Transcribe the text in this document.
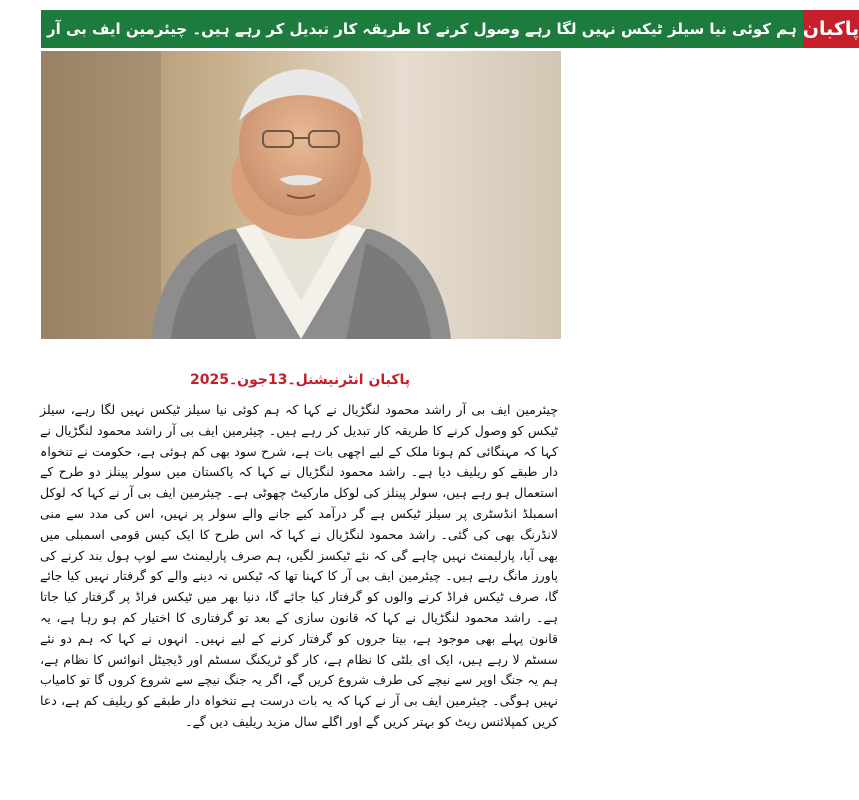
ہم کوئی نیا سیلز ٹیکس نہیں لگا رہے وصول کرنے کا طریقہ کار تبدیل کر رہے ہیں۔ چیئرمین ایف بی آر پاکبان
پاکبان انٹرنیشنل۔13جون۔2025

چیئرمین ایف بی آر راشد محمود لنگڑیال نے کہا کہ ہم کوئی نیا سیلز ٹیکس نہیں لگا رہے، سیلز ٹیکس کو وصول کرنے کا طریقہ کار تبدیل کر رہے ہیں۔ چیئرمین ایف بی آر راشد محمود لنگڑیال نے کہا کہ مہنگائی کم ہونا ملک کے لیے اچھی بات ہے، شرح سود بھی کم ہوئی ہے، حکومت نے تنخواہ دار طبقے کو ریلیف دیا ہے۔ راشد محمود لنگڑیال نے کہا کہ پاکستان میں سولر پینلز دو طرح کے استعمال ہو رہے ہیں، سولر پینلز کی لوکل مارکیٹ چھوٹی ہے۔ چیئرمین ایف بی آر نے کہا کہ لوکل اسمبلڈ انڈسٹری پر سیلز ٹیکس ہے گر درآمد کیے جانے والے سولر پر نہیں، اس کی مدد سے منی لانڈرنگ بھی کی گئی۔ راشد محمود لنگڑیال نے کہا کہ اس طرح کا ایک کیس قومی اسمبلی میں بھی آیا، پارلیمنٹ نہیں چاہے گی کہ نئے ٹیکسز لگیں، ہم صرف پارلیمنٹ سے لوپ ہول بند کرنے کی پاورز مانگ رہے ہیں۔ چیئرمین ایف بی آر کا کہنا تھا کہ ٹیکس نہ دینے والے کو گرفتار نہیں کیا جائے گا، صرف ٹیکس فراڈ کرنے والوں کو گرفتار کیا جائے گا، دنیا بھر میں ٹیکس فراڈ پر گرفتار کیا جاتا ہے۔ راشد محمود لنگڑیال نے کہا کہ قانون سازی کے بعد تو گرفتاری کا اختیار کم ہو رہا ہے، یہ قانون پہلے بھی موجود ہے، بیتا جروں کو گرفتار کرنے کے لیے نہیں۔ انہوں نے کہا کہ ہم دو نئے سسٹم لا رہے ہیں، ایک ای بلٹی کا نظام ہے، کار گو ٹریکنگ سسٹم اور ڈیجیٹل انوائس کا نظام ہے، ہم یہ جنگ اوپر سے نیچے کی طرف شروع کریں گے، اگر یہ جنگ نیچے سے شروع کروں گا تو کامیاب نہیں ہوگی۔ چیئرمین ایف بی آر نے کہا کہ یہ بات درست ہے تنخواہ دار طبقے کو ریلیف کم ہے، دعا کریں کمپلائنس ریٹ کو بہتر کریں گے اور اگلے سال مزید ریلیف دیں گے۔
